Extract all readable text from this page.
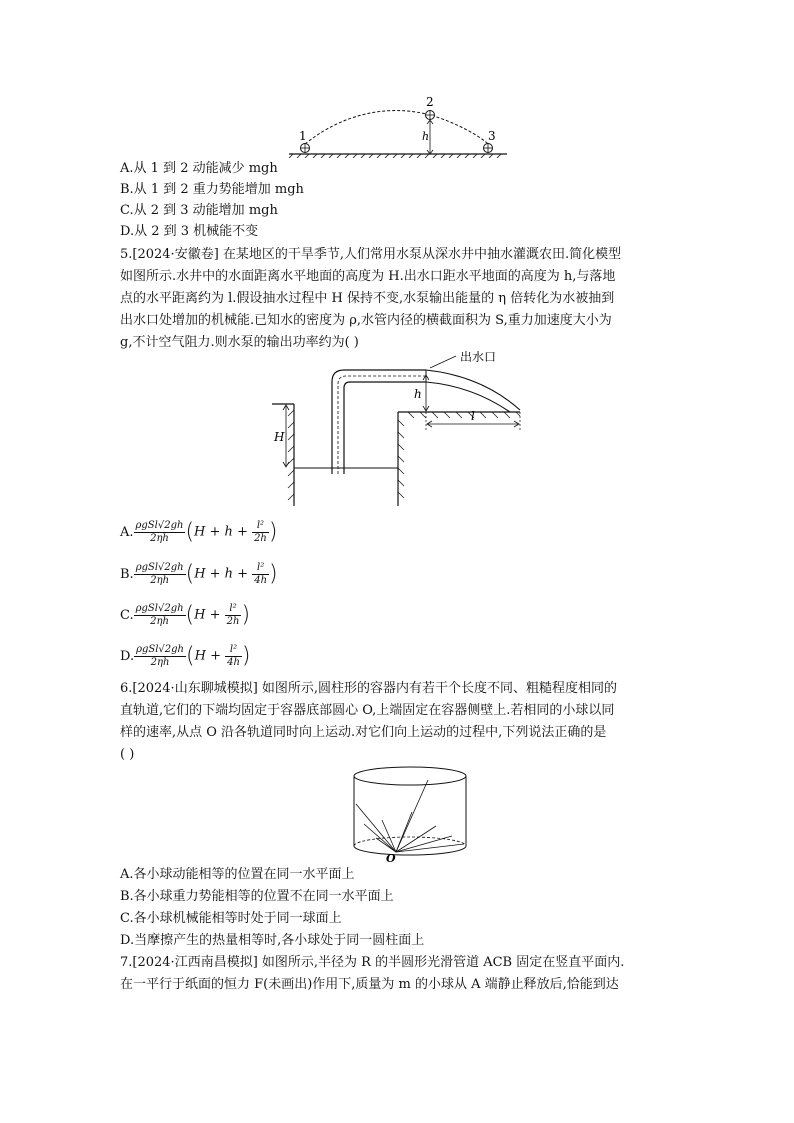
1
2
3
h
A.从 1 到 2 动能减少 mgh
B.从 1 到 2 重力势能增加 mgh
C.从 2 到 3 动能增加 mgh
D.从 2 到 3 机械能不变
5.[2024·安徽卷] 在某地区的干旱季节,人们常用水泵从深水井中抽水灌溉农田.简化模型
如图所示.水井中的水面距离水平地面的高度为 H.出水口距水平地面的高度为 h,与落地
点的水平距离约为 l.假设抽水过程中 H 保持不变,水泵输出能量的 η 倍转化为水被抽到
出水口处增加的机械能.已知水的密度为 ρ,水管内径的横截面积为 S,重力加速度大小为
g,不计空气阻力.则水泵的输出功率约为( )
出水口
H
h
l
A. $\frac{\text{ρgSl√2gh}}{2\eta h} (H + h + \frac{\text{l²}}{2h}$ )
B. $\frac{\text{ρgSl√2gh}}{2\eta h} (H + h + \frac{\text{l²}}{4h}$ )
C. $\frac{\text{ρgSl√2gh}}{2\eta h} (H + \frac{\text{l²}}{2h}$ )
D. $\frac{\text{ρgSl√2gh}}{2\eta h} (H + \frac{\text{l²}}{4h}$ )
6.[2024·山东聊城模拟] 如图所示,圆柱形的容器内有若干个长度不同、粗糙程度相同的
直轨道,它们的下端均固定于容器底部圆心 O,上端固定在容器侧壁上.若相同的小球以同
样的速率,从点 O 沿各轨道同时向上运动.对它们向上运动的过程中,下列说法正确的是
( )
O
A.各小球动能相等的位置在同一水平面上
B.各小球重力势能相等的位置不在同一水平面上
C.各小球机械能相等时处于同一球面上
D.当摩擦产生的热量相等时,各小球处于同一圆柱面上
7.[2024·江西南昌模拟] 如图所示,半径为 R 的半圆形光滑管道 ACB 固定在竖直平面内.
在一平行于纸面的恒力 F(未画出)作用下,质量为 m 的小球从 A 端静止释放后,恰能到达
